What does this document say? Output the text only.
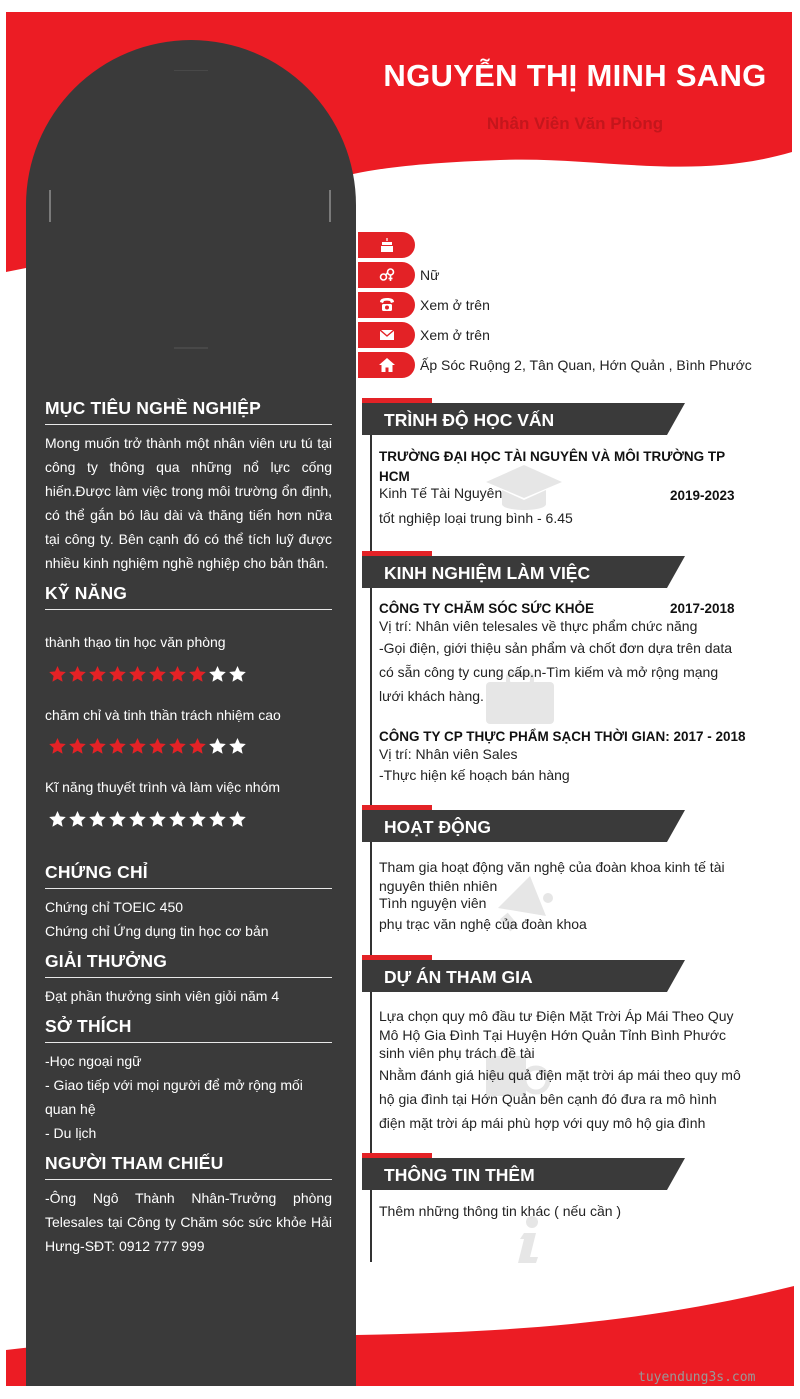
NGUYỄN THỊ MINH SANG
Nhân Viên Văn Phòng
Nữ
Xem ở trên
Xem ở trên
Ấp Sóc Ruộng 2, Tân Quan, Hớn Quản , Bình Phước
MỤC TIÊU NGHỀ NGHIỆP
Mong muốn trở thành một nhân viên ưu tú tại công ty thông qua những nổ lực cống hiến.Được làm việc trong môi trường ổn định, có thể gắn bó lâu dài và thăng tiến hơn nữa tại công ty. Bên cạnh đó có thể tích luỹ được nhiều kinh nghiệm nghề nghiệp cho bản thân.
KỸ NĂNG
thành thạo tin học văn phòng
chăm chỉ và tinh thần trách nhiệm cao
Kĩ năng thuyết trình và làm việc nhóm
CHỨNG CHỈ
Chứng chỉ TOEIC 450
Chứng chỉ Ứng dụng tin học cơ bản
GIẢI THƯỞNG
Đạt phần thưởng sinh viên giỏi năm 4
SỞ THÍCH
-Học ngoại ngữ
- Giao tiếp với mọi người để mở rộng mối quan hệ
- Du lịch
NGƯỜI THAM CHIẾU
-Ông Ngô Thành Nhân-Trưởng phòng Telesales tại Công ty Chăm sóc sức khỏe Hải Hưng-SĐT: 0912 777 999
TRÌNH ĐỘ HỌC VẤN
TRƯỜNG ĐẠI HỌC TÀI NGUYÊN VÀ MÔI TRƯỜNG TP HCM
Kinh Tế Tài Nguyên	2019-2023
tốt nghiệp loại trung bình - 6.45
KINH NGHIỆM LÀM VIỆC
CÔNG TY CHĂM SÓC SỨC KHỎE	2017-2018
Vị trí: Nhân viên telesales về thực phẩm chức năng
-Gọi điện, giới thiệu sản phẩm và chốt đơn dựa trên data có sẵn công ty cung cấp.n-Tìm kiếm và mở rộng mạng lưới khách hàng.
CÔNG TY CP THỰC PHẨM SẠCH THỜI GIAN: 2017 - 2018
Vị trí: Nhân viên Sales
-Thực hiện kế hoạch bán hàng
HOẠT ĐỘNG
Tham gia hoạt động văn nghệ của đoàn khoa kinh tế tài nguyên thiên nhiên
Tình nguyện viên
phụ trạc văn nghệ của đoàn khoa
DỰ ÁN THAM GIA
Lựa chọn quy mô đầu tư Điện Mặt Trời Áp Mái Theo Quy Mô Hộ Gia Đình Tại Huyện Hớn Quản Tỉnh Bình Phước
sinh viên phụ trách đề tài
Nhằm đánh giá hiệu quả điện mặt trời áp mái theo quy mô hộ gia đình tại Hớn Quản bên cạnh đó đưa ra mô hình điện mặt trời áp mái phù hợp với quy mô hộ gia đình
THÔNG TIN THÊM
Thêm những thông tin khác ( nếu cần )
tuyendung3s.com
